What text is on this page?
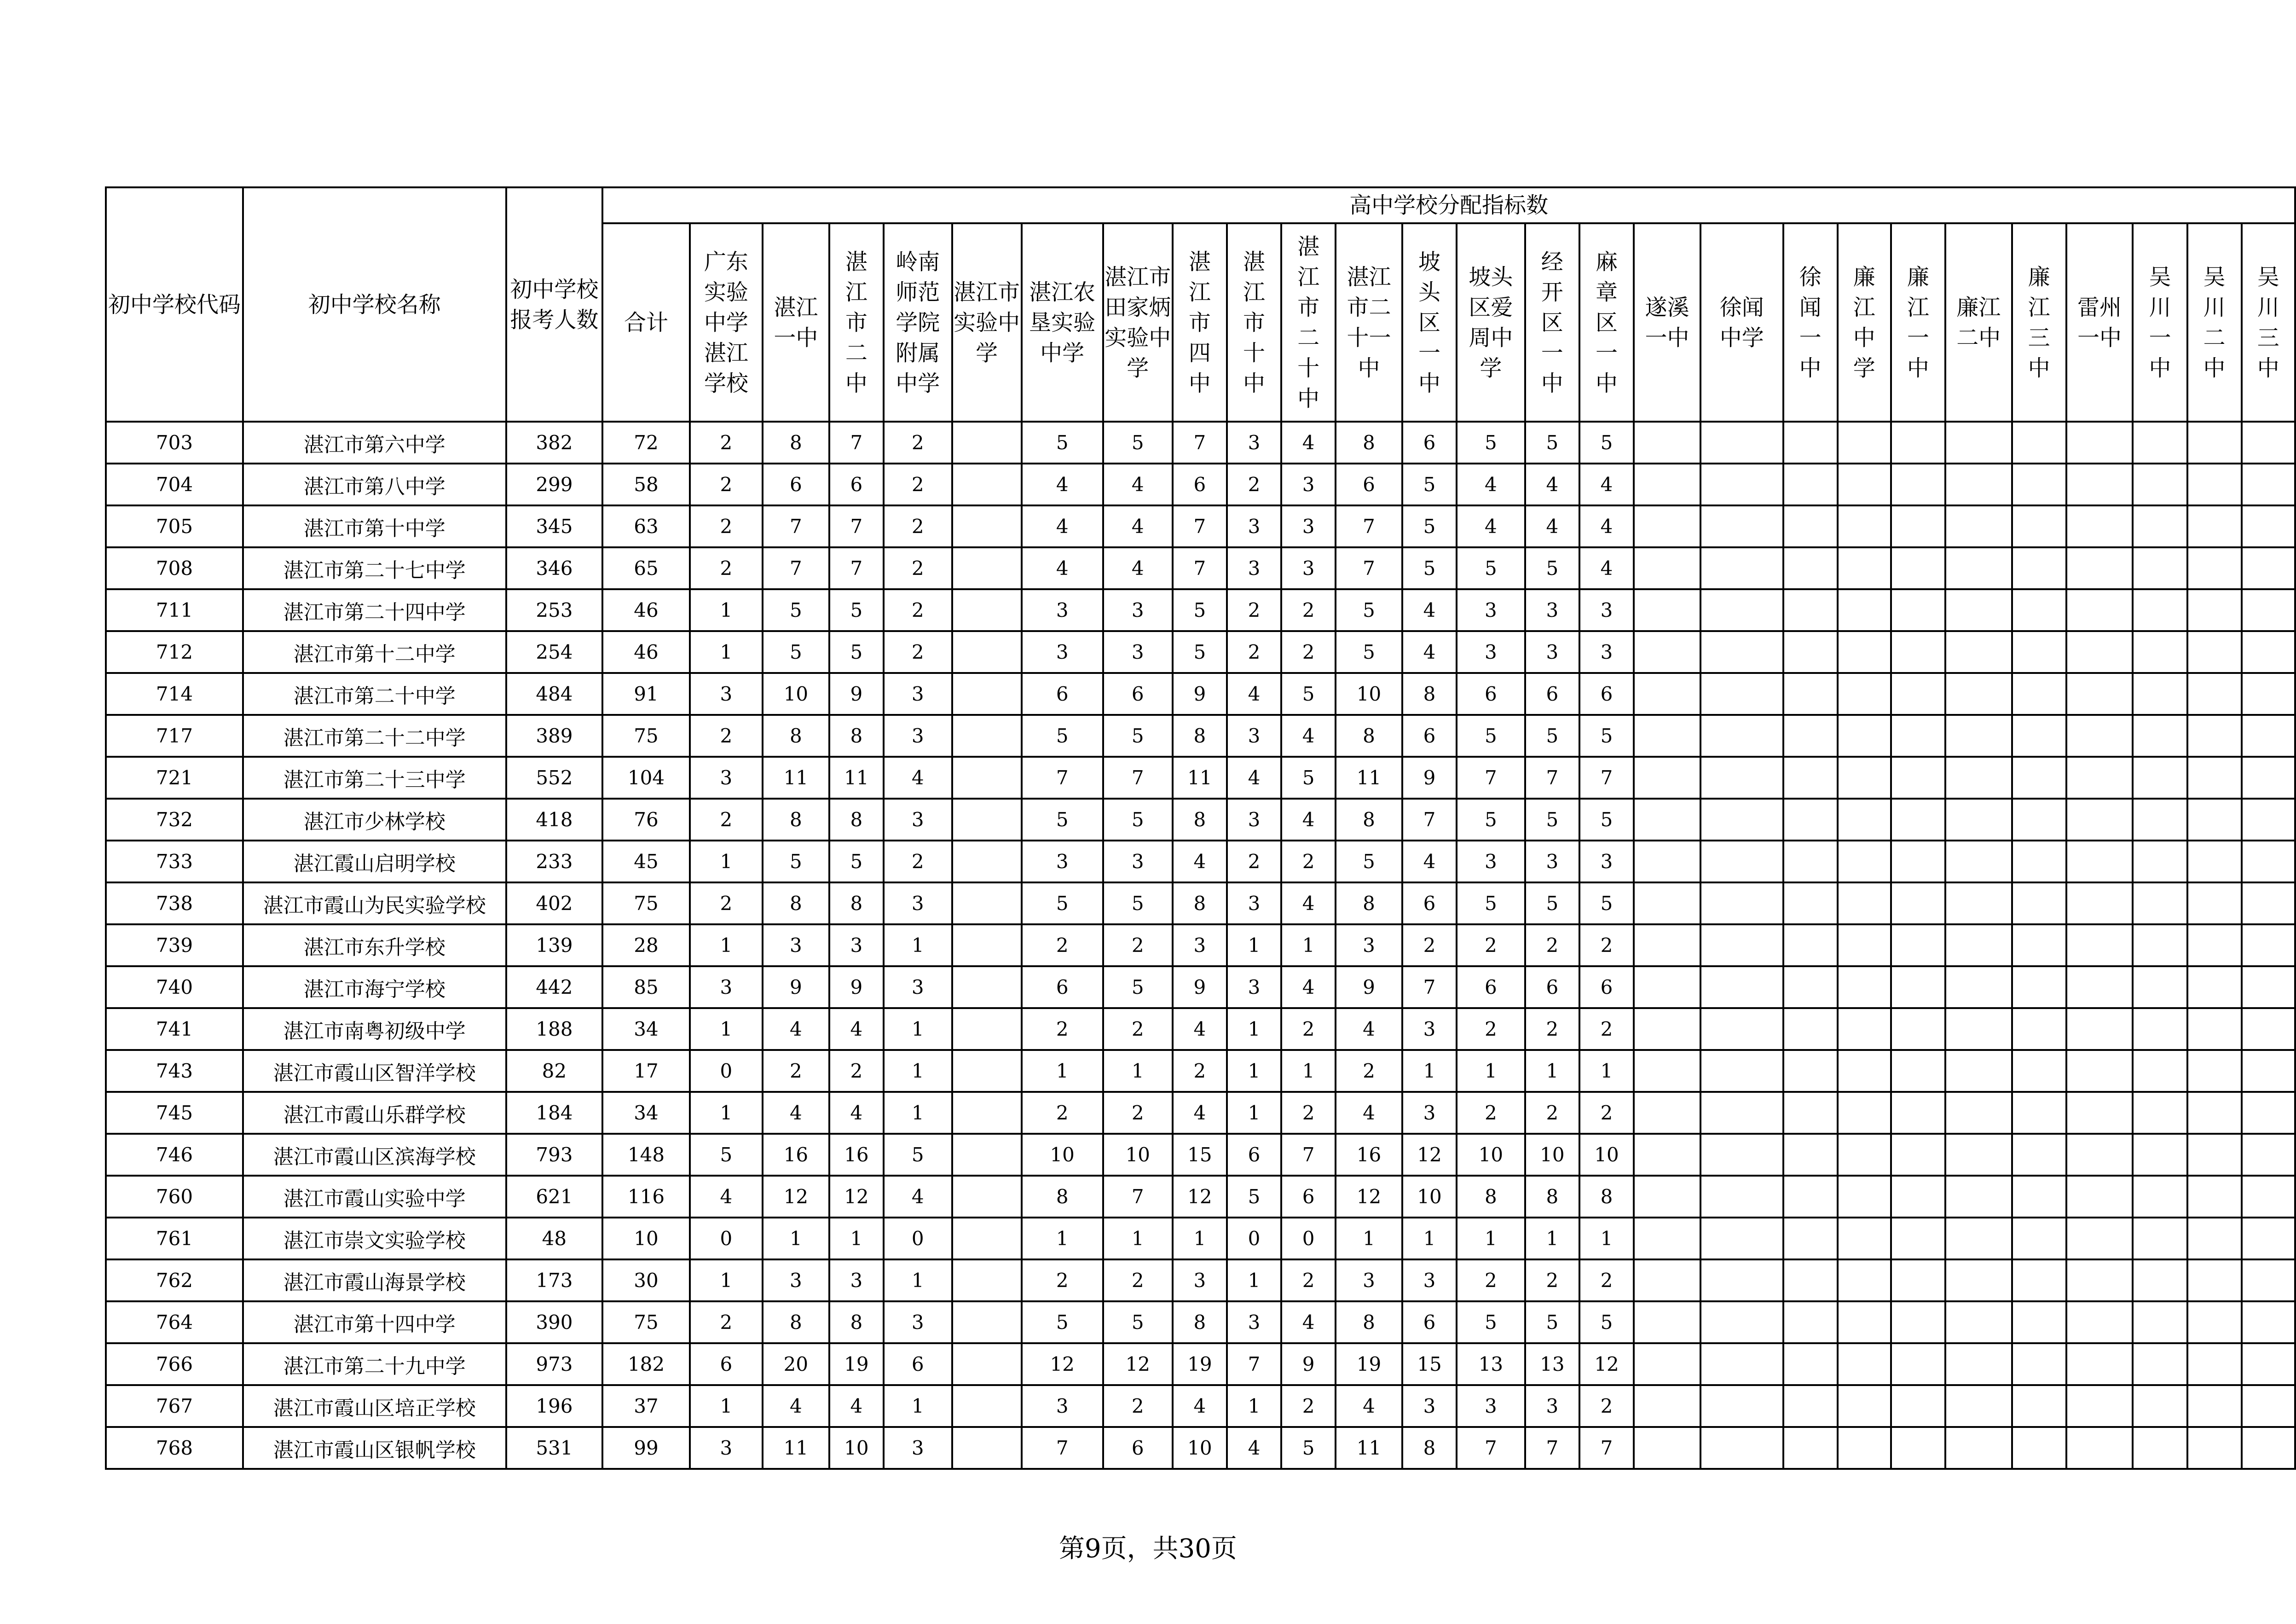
初中学校代码	初中学校名称	初中学校报考人数	高中学校分配指标数																										
			合计	广东实验中学湛江学校	湛江一中	湛江市二中	岭南师范学院附属中学	湛江市实验中学	湛江农垦实验中学	湛江市田家炳实验中学	湛江市四中	湛江市十中	湛江市二十中	湛江市二十一中	坡头区一中	坡头区爱周中学	经开区一中	麻章区一中	遂溪一中	徐闻中学	徐闻一中	廉江中学	廉江一中	廉江二中	廉江三中	雷州一中	吴川一中	吴川二中	吴川三中
703	湛江市第六中学	382	72	2	8	7	2		5	5	7	3	4	8	6	5	5	5											
704	湛江市第八中学	299	58	2	6	6	2		4	4	6	2	3	6	5	4	4	4											
705	湛江市第十中学	345	63	2	7	7	2		4	4	7	3	3	7	5	4	4	4											
708	湛江市第二十七中学	346	65	2	7	7	2		4	4	7	3	3	7	5	5	5	4											
711	湛江市第二十四中学	253	46	1	5	5	2		3	3	5	2	2	5	4	3	3	3											
712	湛江市第十二中学	254	46	1	5	5	2		3	3	5	2	2	5	4	3	3	3											
714	湛江市第二十中学	484	91	3	10	9	3		6	6	9	4	5	10	8	6	6	6											
717	湛江市第二十二中学	389	75	2	8	8	3		5	5	8	3	4	8	6	5	5	5											
721	湛江市第二十三中学	552	104	3	11	11	4		7	7	11	4	5	11	9	7	7	7											
732	湛江市少林学校	418	76	2	8	8	3		5	5	8	3	4	8	7	5	5	5											
733	湛江霞山启明学校	233	45	1	5	5	2		3	3	4	2	2	5	4	3	3	3											
738	湛江市霞山为民实验学校	402	75	2	8	8	3		5	5	8	3	4	8	6	5	5	5											
739	湛江市东升学校	139	28	1	3	3	1		2	2	3	1	1	3	2	2	2	2											
740	湛江市海宁学校	442	85	3	9	9	3		6	5	9	3	4	9	7	6	6	6											
741	湛江市南粤初级中学	188	34	1	4	4	1		2	2	4	1	2	4	3	2	2	2											
743	湛江市霞山区智洋学校	82	17	0	2	2	1		1	1	2	1	1	2	1	1	1	1											
745	湛江市霞山乐群学校	184	34	1	4	4	1		2	2	4	1	2	4	3	2	2	2											
746	湛江市霞山区滨海学校	793	148	5	16	16	5		10	10	15	6	7	16	12	10	10	10											
760	湛江市霞山实验中学	621	116	4	12	12	4		8	7	12	5	6	12	10	8	8	8											
761	湛江市崇文实验学校	48	10	0	1	1	0		1	1	1	0	0	1	1	1	1	1											
762	湛江市霞山海景学校	173	30	1	3	3	1		2	2	3	1	2	3	3	2	2	2											
764	湛江市第十四中学	390	75	2	8	8	3		5	5	8	3	4	8	6	5	5	5											
766	湛江市第二十九中学	973	182	6	20	19	6		12	12	19	7	9	19	15	13	13	12											
767	湛江市霞山区培正学校	196	37	1	4	4	1		3	2	4	1	2	4	3	3	3	2											
768	湛江市霞山区银帆学校	531	99	3	11	10	3		7	6	10	4	5	11	8	7	7	7											
第9页，共30页
